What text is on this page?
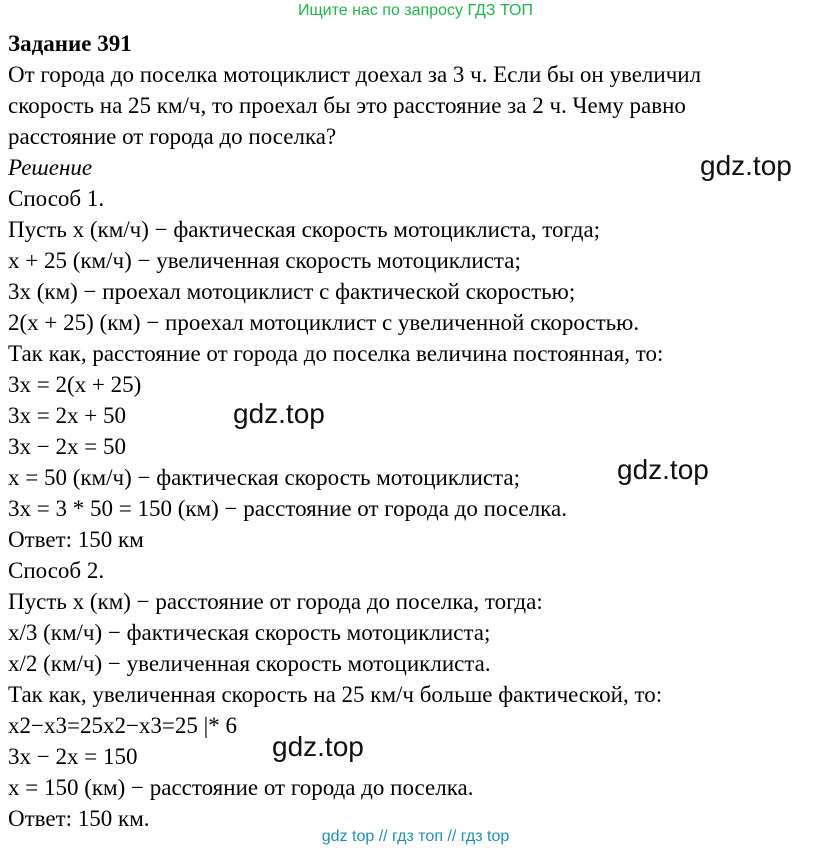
Ищите нас по запросу ГДЗ ТОП
Задание 391
От города до поселка мотоциклист доехал за 3 ч. Если бы он увеличил
скорость на 25 км/ч, то проехал бы это расстояние за 2 ч. Чему равно
расстояние от города до поселка?
Решение
Способ 1.
Пусть x (км/ч) − фактическая скорость мотоциклиста, тогда;
x + 25 (км/ч) − увеличенная скорость мотоциклиста;
3x (км) − проехал мотоциклист с фактической скоростью;
2(x + 25) (км) − проехал мотоциклист с увеличенной скоростью.
Так как, расстояние от города до поселка величина постоянная, то:
3x = 2(x + 25)
3x = 2x + 50
3x − 2x = 50
x = 50 (км/ч) − фактическая скорость мотоциклиста;
3x = 3 * 50 = 150 (км) − расстояние от города до поселка.
Ответ: 150 км
Способ 2.
Пусть x (км) − расстояние от города до поселка, тогда:
x/3 (км/ч) − фактическая скорость мотоциклиста;
x/2 (км/ч) − увеличенная скорость мотоциклиста.
Так как, увеличенная скорость на 25 км/ч больше фактической, то:
x2−x3=25x2−x3=25 |* 6
3x − 2x = 150
x = 150 (км) − расстояние от города до поселка.
Ответ: 150 км.
gdz.top
gdz.top
gdz.top
gdz.top
gdz top // гдз топ // гдз top
